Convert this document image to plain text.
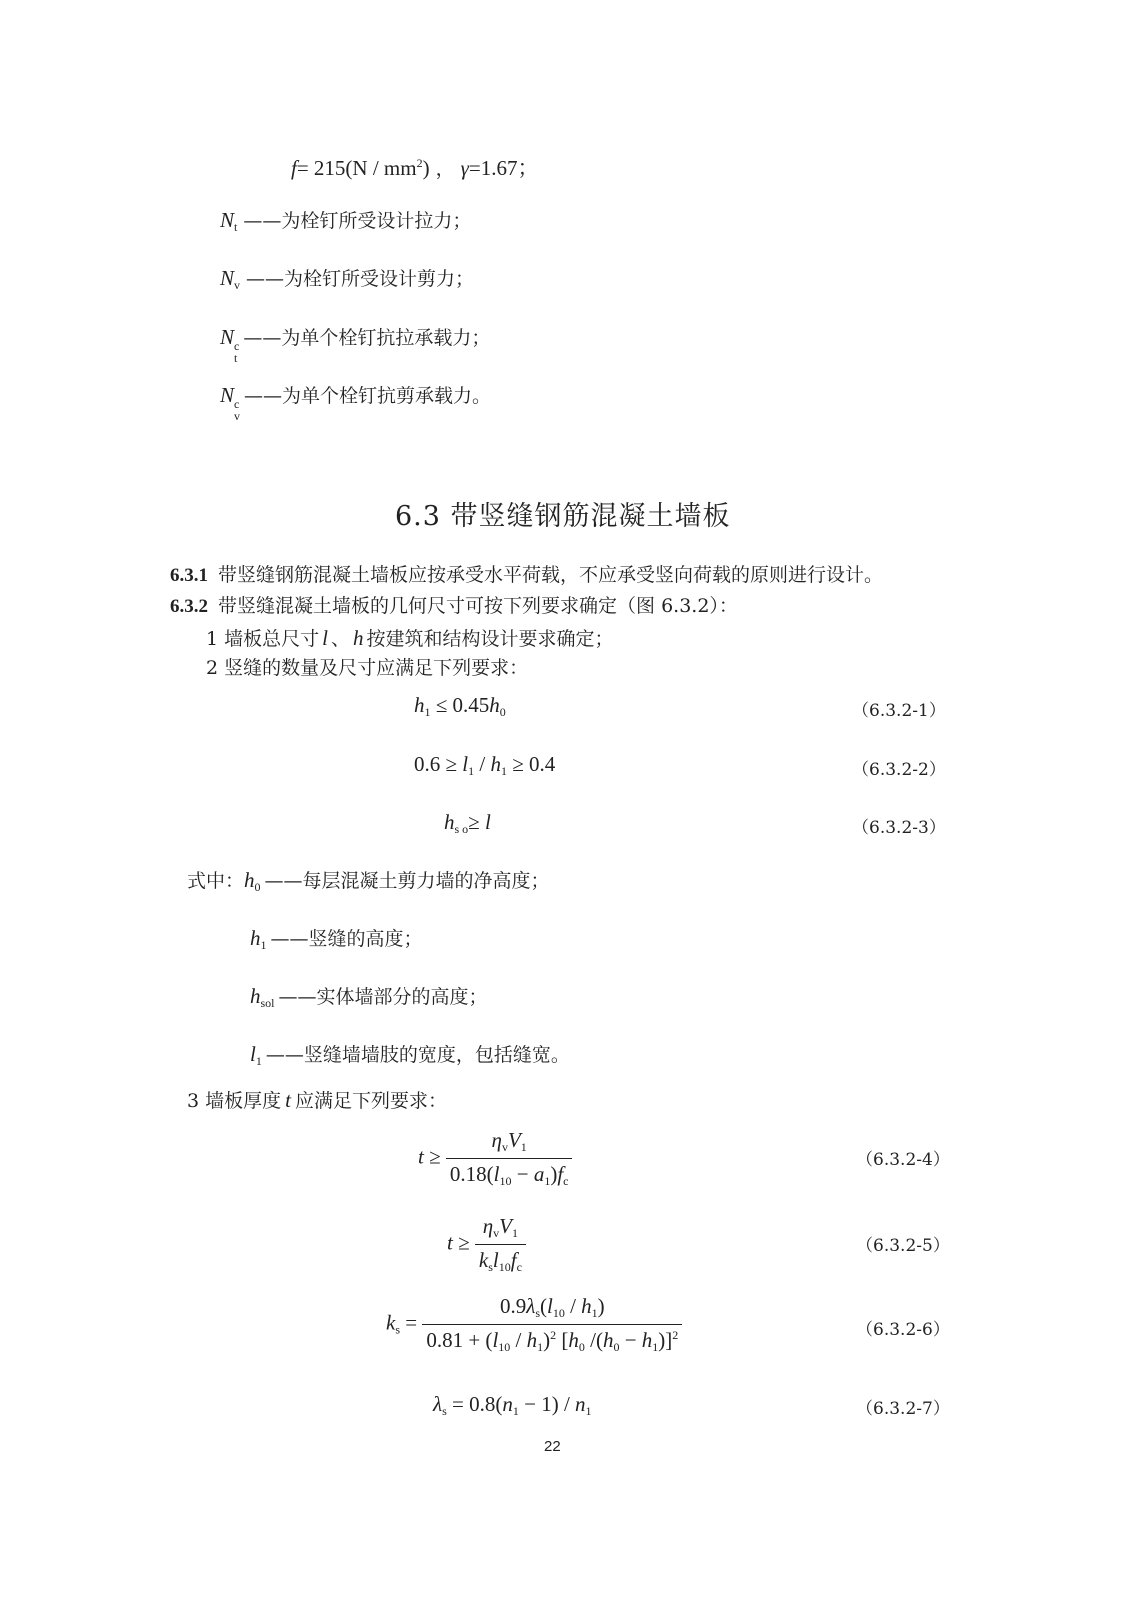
$f= 215(N / mm^2)$ ， γ=1.67；
$N_t$ ——为栓钉所受设计拉力；
$N_v$ ——为栓钉所受设计剪力；
N c
t
——为单个栓钉抗拉承载力；
N c
v
——为单个栓钉抗剪承载力。
6.3 带竖缝钢筋混凝土墙板
6.3.1 带竖缝钢筋混凝土墙板应按承受水平荷载，不应承受竖向荷载的原则进行设计。
6.3.2 带竖缝混凝土墙板的几何尺寸可按下列要求确定（图 6.3.2）：
1 墙板总尺寸 l 、 h 按建筑和结构设计要求确定；
2 竖缝的数量及尺寸应满足下列要求：
$h_1 \le 0.45h_0$	（6.3.2-1）
$0.6 \ge l_1 / h_1 \ge 0.4$	（6.3.2-2）
$h_{s o}\ge l$	（6.3.2-3）
式中：$h_0$ ——每层混凝土剪力墙的净高度；
$h_1$ ——竖缝的高度；
$h_{sol}$ ——实体墙部分的高度；
$l_1$ ——竖缝墙墙肢的宽度，包括缝宽。
3 墙板厚度 t 应满足下列要求：
$t \ge \frac{\eta_vV_1}{0.18(l_{10} - a_1)f_c}$	（6.3.2-4）
$t \ge \frac{\eta_vV_1}{k_sl_{10}f_c}$	（6.3.2-5）
$k_s = \frac{0.9\lambda_s(l_{10} / h_1)}{0.81 + (l_{10} / h_1)^2 [h_0 /(h_0 - h_1)]^2}$	（6.3.2-6）
$\lambda_s = 0.8(n_1 - 1) / n_1$	（6.3.2-7）
22
